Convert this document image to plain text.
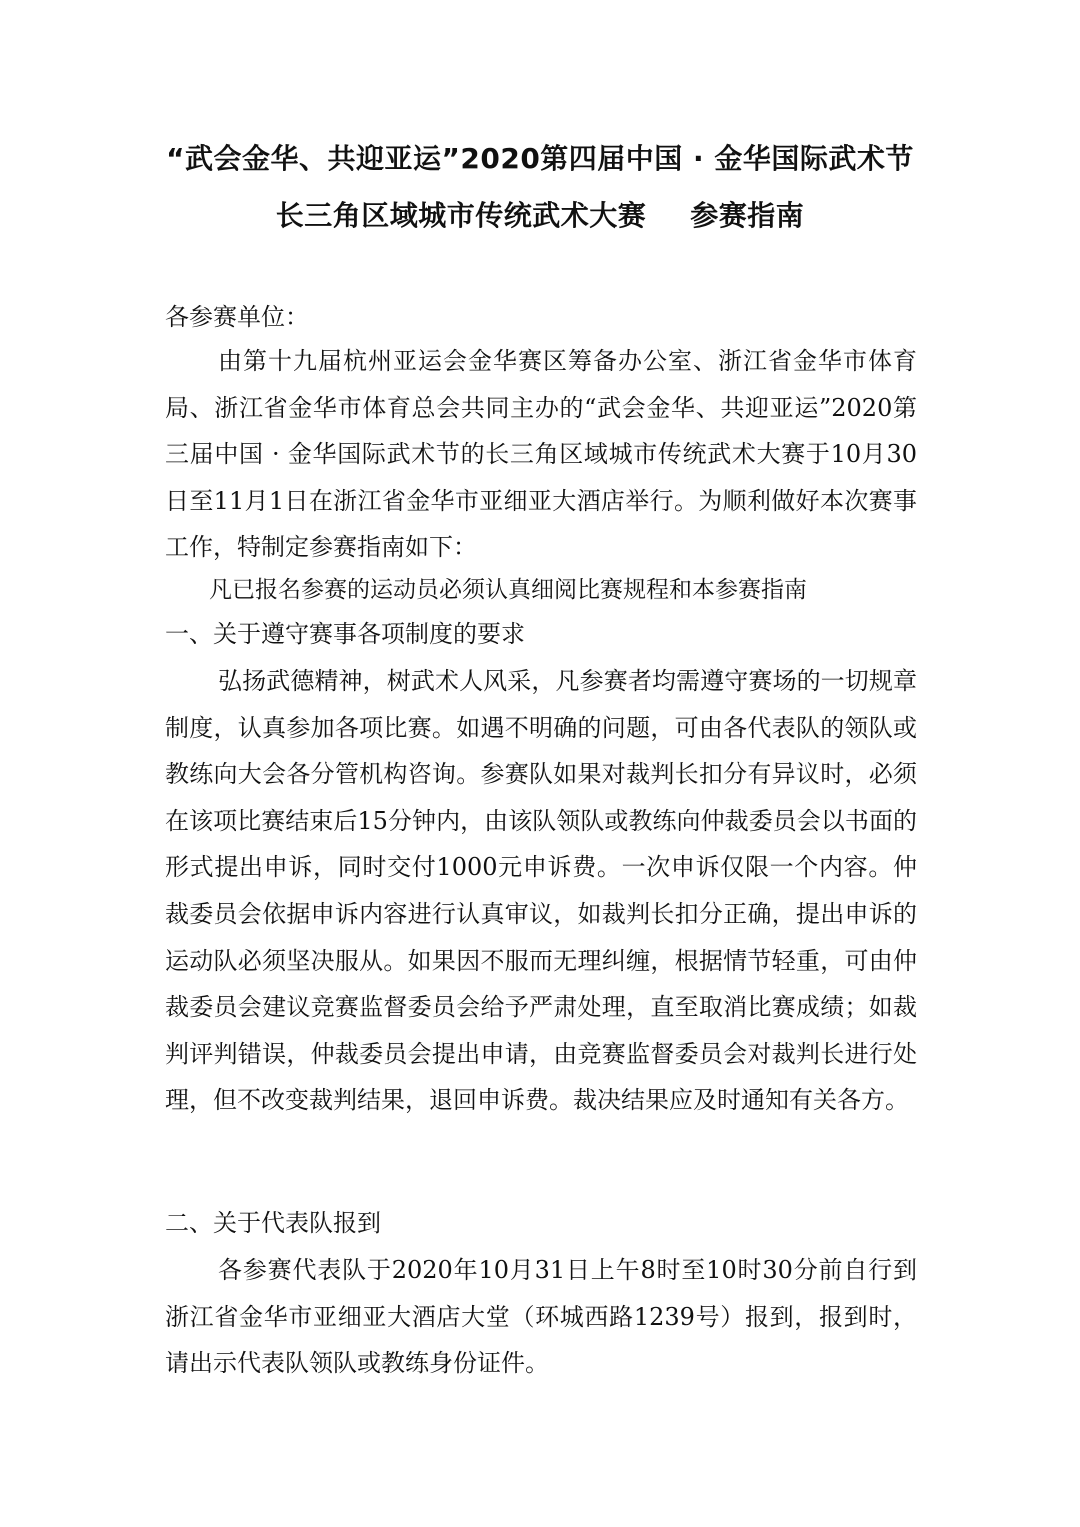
“武会金华、共迎亚运”2020第四届中国 · 金华国际武术节
长三角区域城市传统武术大赛 参赛指南
各参赛单位：

由第十九届杭州亚运会金华赛区筹备办公室、浙江省金华市体育局、浙江省金华市体育总会共同主办的“武会金华、共迎亚运”2020第三届中国 · 金华国际武术节的长三角区域城市传统武术大赛于10月30日至11月1日在浙江省金华市亚细亚大酒店举行。为顺利做好本次赛事工作，特制定参赛指南如下：

凡已报名参赛的运动员必须认真细阅比赛规程和本参赛指南

一、关于遵守赛事各项制度的要求

弘扬武德精神，树武术人风采，凡参赛者均需遵守赛场的一切规章制度，认真参加各项比赛。如遇不明确的问题，可由各代表队的领队或教练向大会各分管机构咨询。参赛队如果对裁判长扣分有异议时，必须在该项比赛结束后15分钟内，由该队领队或教练向仲裁委员会以书面的形式提出申诉，同时交付1000元申诉费。一次申诉仅限一个内容。仲裁委员会依据申诉内容进行认真审议，如裁判长扣分正确，提出申诉的运动队必须坚决服从。如果因不服而无理纠缠，根据情节轻重，可由仲裁委员会建议竞赛监督委员会给予严肃处理，直至取消比赛成绩；如裁判评判错误，仲裁委员会提出申请，由竞赛监督委员会对裁判长进行处理，但不改变裁判结果，退回申诉费。裁决结果应及时通知有关各方。

二、关于代表队报到

各参赛代表队于2020年10月31日上午8时至10时30分前自行到浙江省金华市亚细亚大酒店大堂（环城西路1239号）报到，报到时，请出示代表队领队或教练身份证件。
